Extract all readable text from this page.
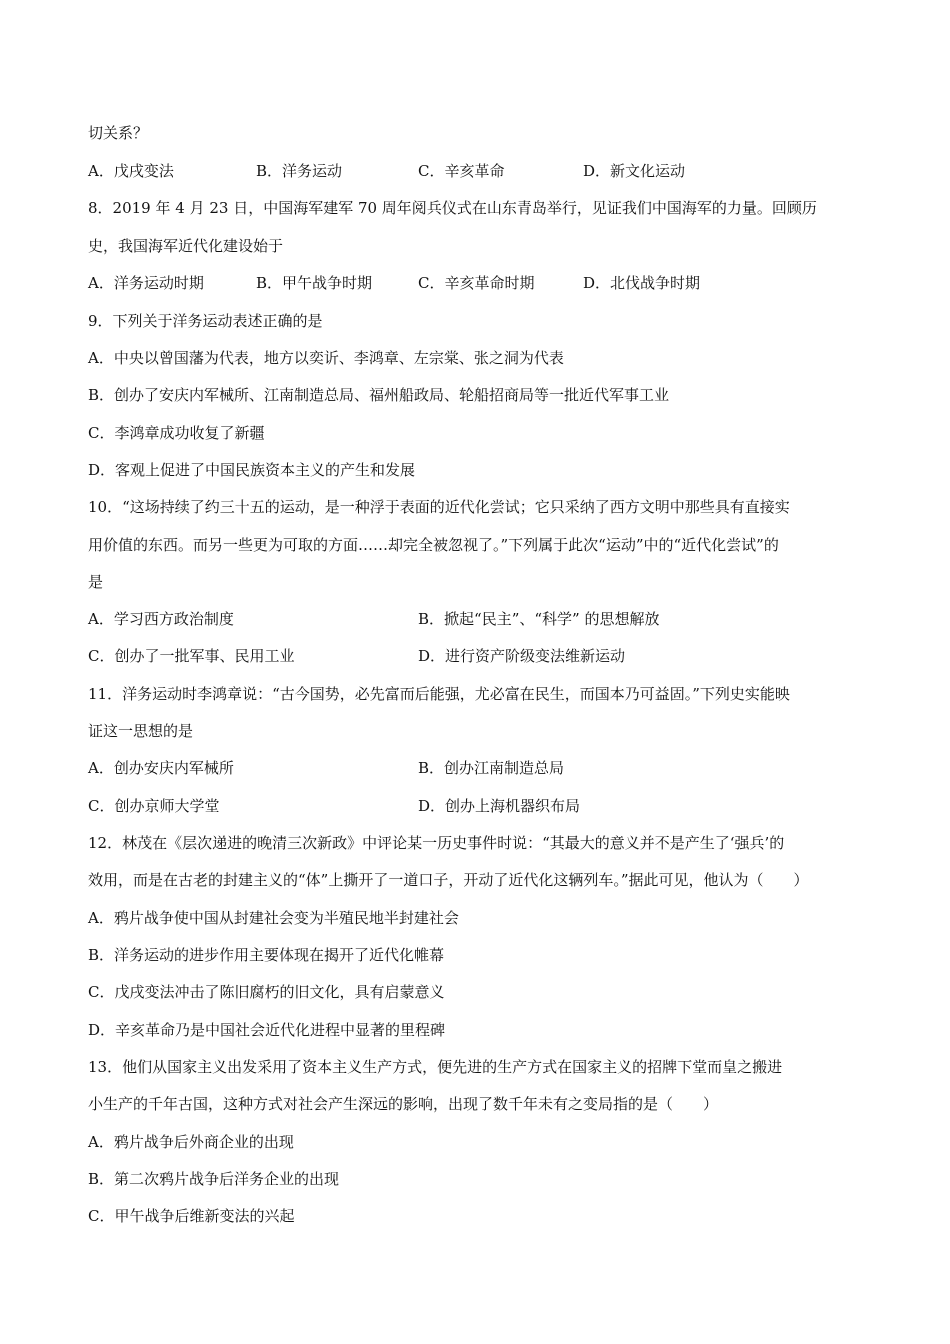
切关系？
A．戊戌变法	B．洋务运动	C．辛亥革命	D．新文化运动
8．2019 年 4 月 23 日，中国海军建军 70 周年阅兵仪式在山东青岛举行，见证我们中国海军的力量。回顾历
史，我国海军近代化建设始于
A．洋务运动时期	B．甲午战争时期	C．辛亥革命时期	D．北伐战争时期
9．下列关于洋务运动表述正确的是
A．中央以曾国藩为代表，地方以奕䜣、李鸿章、左宗棠、张之洞为代表
B．创办了安庆内军械所、江南制造总局、福州船政局、轮船招商局等一批近代军事工业
C．李鸿章成功收复了新疆
D．客观上促进了中国民族资本主义的产生和发展
10．“这场持续了约三十五的运动，是一种浮于表面的近代化尝试；它只采纳了西方文明中那些具有直接实
用价值的东西。而另一些更为可取的方面……却完全被忽视了。”下列属于此次“运动”中的“近代化尝试”的
是
A．学习西方政治制度	B．掀起“民主”、“科学” 的思想解放
C．创办了一批军事、民用工业	D．进行资产阶级变法维新运动
11．洋务运动时李鸿章说：“古今国势，必先富而后能强，尤必富在民生，而国本乃可益固。”下列史实能映
证这一思想的是
A．创办安庆内军械所	B．创办江南制造总局
C．创办京师大学堂	D．创办上海机器织布局
12．林茂在《层次递进的晚清三次新政》中评论某一历史事件时说：“其最大的意义并不是产生了‘强兵’的
效用，而是在古老的封建主义的“体”上撕开了一道口子，开动了近代化这辆列车。”据此可见，他认为（　　）
A．鸦片战争使中国从封建社会变为半殖民地半封建社会
B．洋务运动的进步作用主要体现在揭开了近代化帷幕
C．戊戌变法冲击了陈旧腐朽的旧文化，具有启蒙意义
D．辛亥革命乃是中国社会近代化进程中显著的里程碑
13．他们从国家主义出发采用了资本主义生产方式，便先进的生产方式在国家主义的招牌下堂而皇之搬进
小生产的千年古国，这种方式对社会产生深远的影响，出现了数千年未有之变局指的是（　　）
A．鸦片战争后外商企业的出现
B．第二次鸦片战争后洋务企业的出现
C．甲午战争后维新变法的兴起
